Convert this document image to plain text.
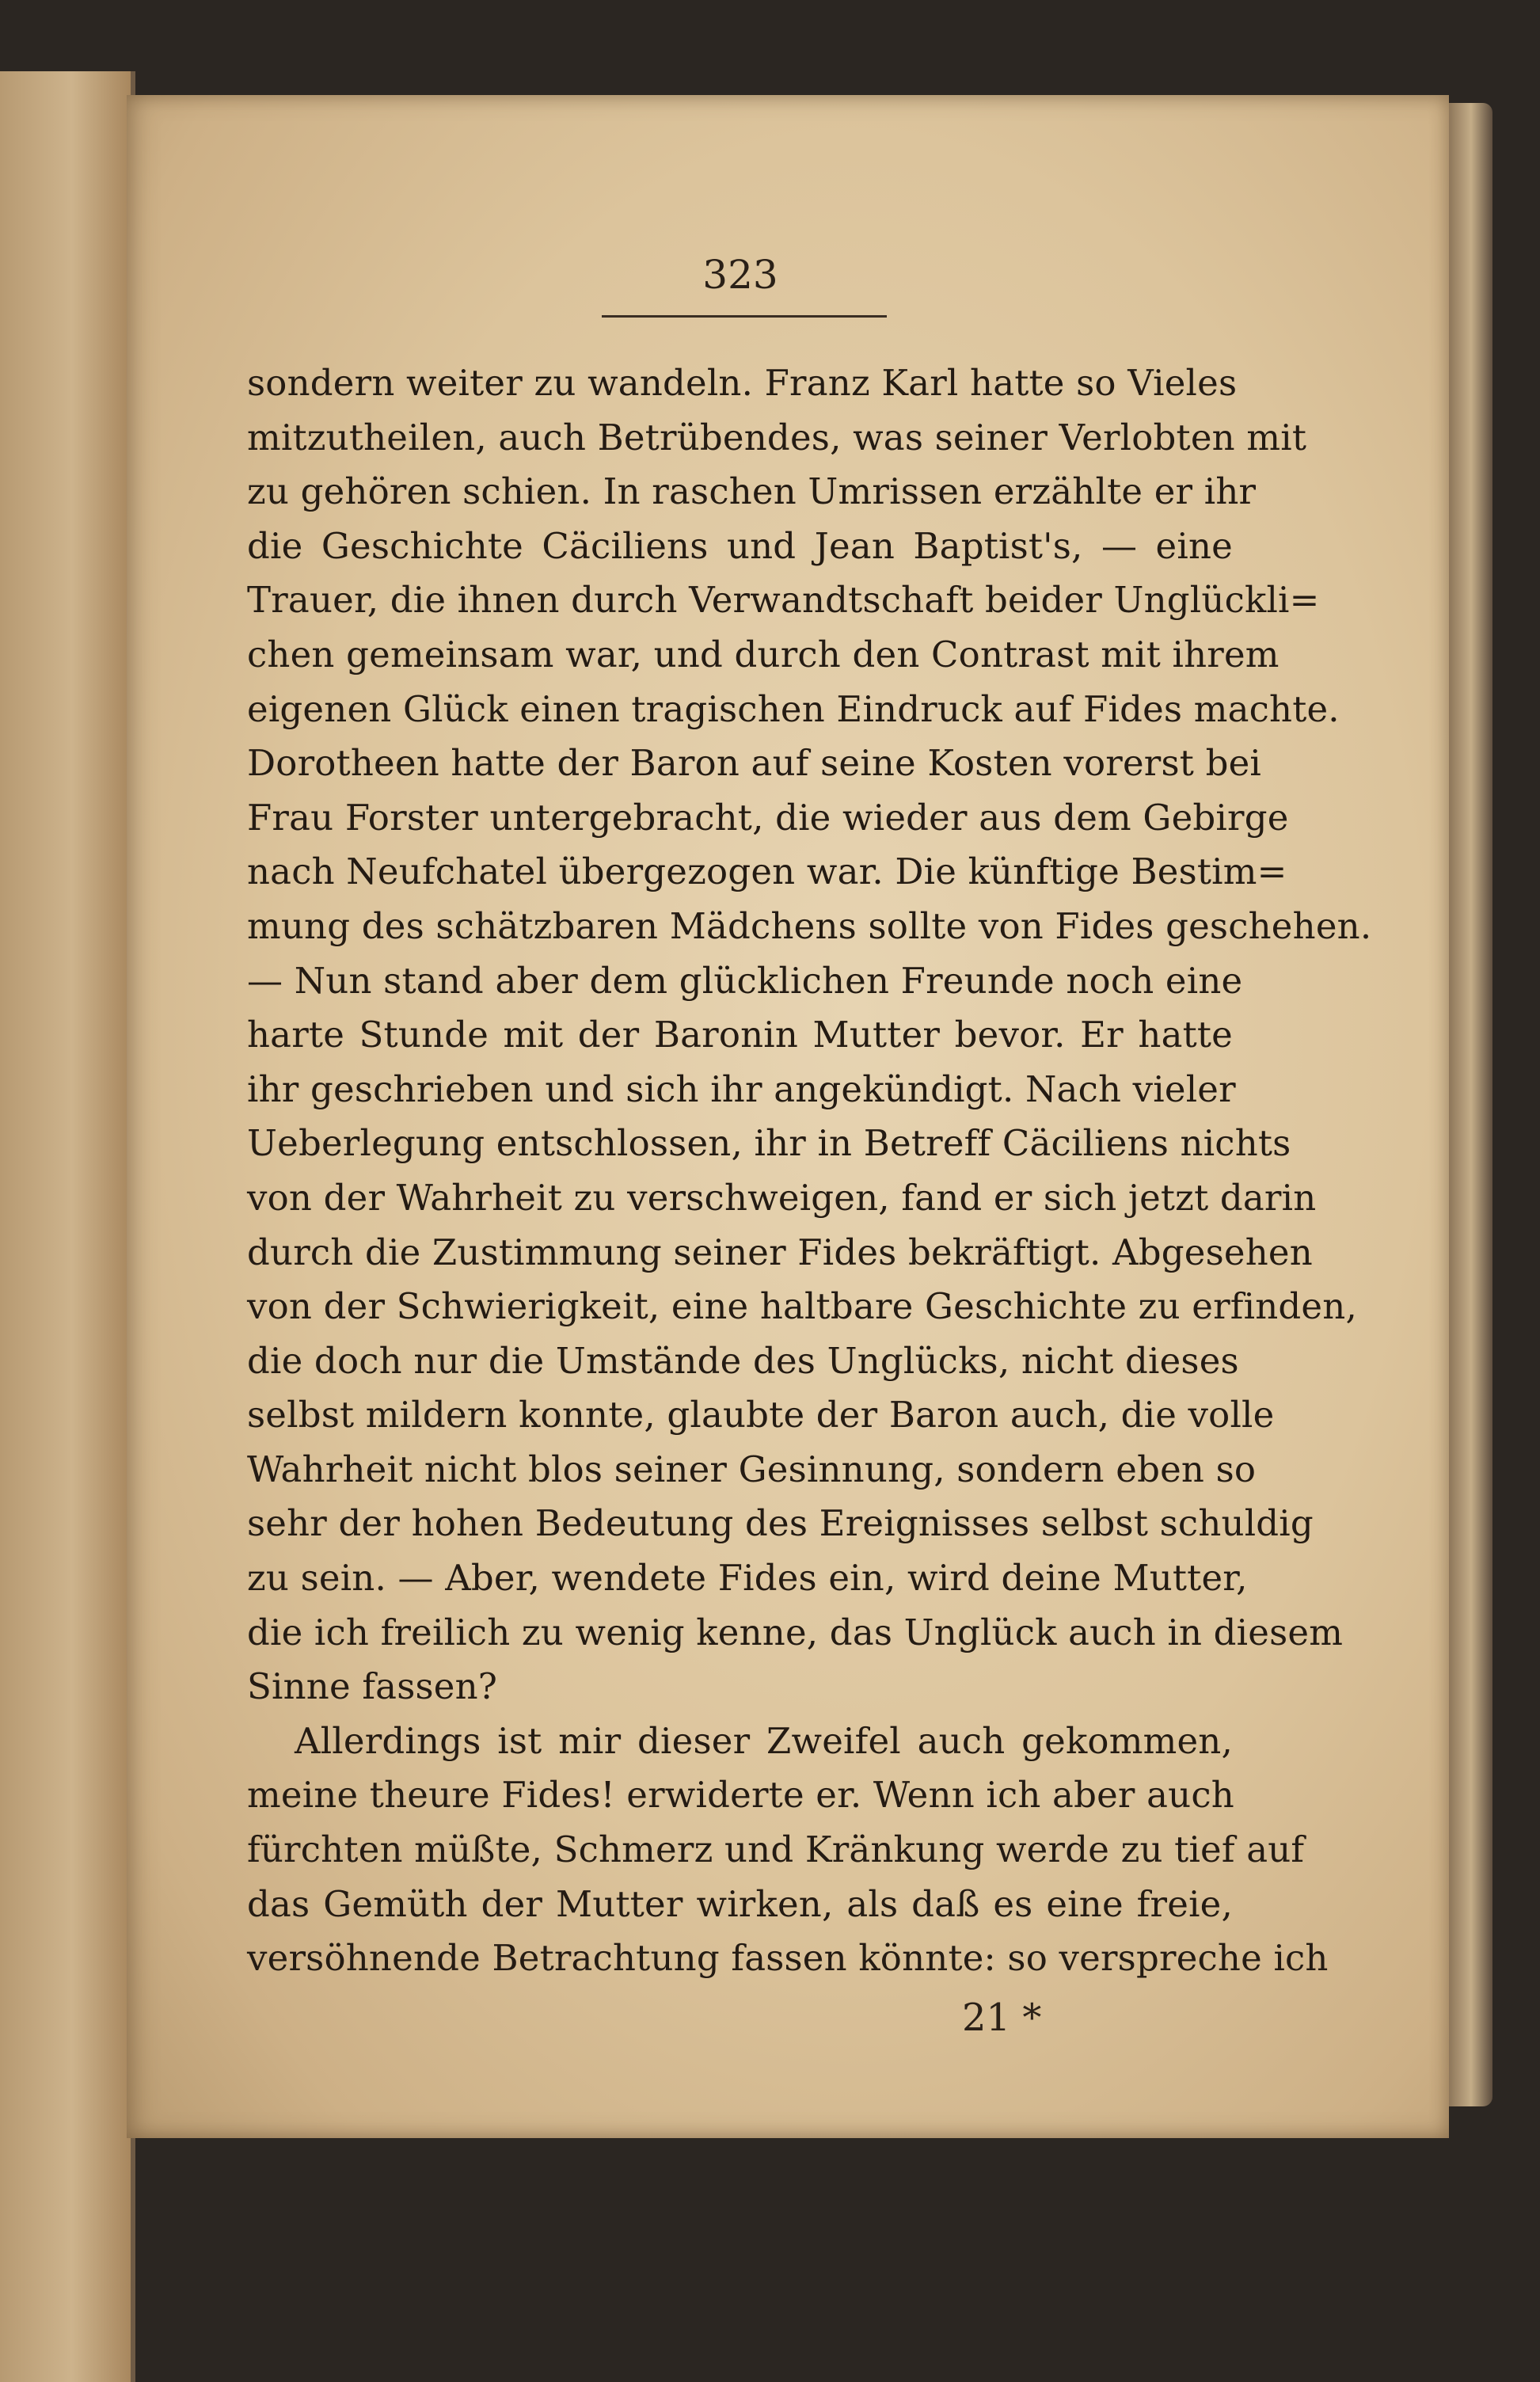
323
sondern weiter zu wandeln. Franz Karl hatte so Vieles
mitzutheilen, auch Betrübendes, was seiner Verlobten mit
zu gehören schien. In raschen Umrissen erzählte er ihr
die Geschichte Cäciliens und Jean Baptist's, — eine
Trauer, die ihnen durch Verwandtschaft beider Unglückli=
chen gemeinsam war, und durch den Contrast mit ihrem
eigenen Glück einen tragischen Eindruck auf Fides machte.
Dorotheen hatte der Baron auf seine Kosten vorerst bei
Frau Forster untergebracht, die wieder aus dem Gebirge
nach Neufchatel übergezogen war. Die künftige Bestim=
mung des schätzbaren Mädchens sollte von Fides geschehen.
— Nun stand aber dem glücklichen Freunde noch eine
harte Stunde mit der Baronin Mutter bevor. Er hatte
ihr geschrieben und sich ihr angekündigt. Nach vieler
Ueberlegung entschlossen, ihr in Betreff Cäciliens nichts
von der Wahrheit zu verschweigen, fand er sich jetzt darin
durch die Zustimmung seiner Fides bekräftigt. Abgesehen
von der Schwierigkeit, eine haltbare Geschichte zu erfinden,
die doch nur die Umstände des Unglücks, nicht dieses
selbst mildern konnte, glaubte der Baron auch, die volle
Wahrheit nicht blos seiner Gesinnung, sondern eben so
sehr der hohen Bedeutung des Ereignisses selbst schuldig
zu sein. — Aber, wendete Fides ein, wird deine Mutter,
die ich freilich zu wenig kenne, das Unglück auch in diesem
Sinne fassen?
Allerdings ist mir dieser Zweifel auch gekommen,
meine theure Fides! erwiderte er. Wenn ich aber auch
fürchten müßte, Schmerz und Kränkung werde zu tief auf
das Gemüth der Mutter wirken, als daß es eine freie,
versöhnende Betrachtung fassen könnte: so verspreche ich
21 *
